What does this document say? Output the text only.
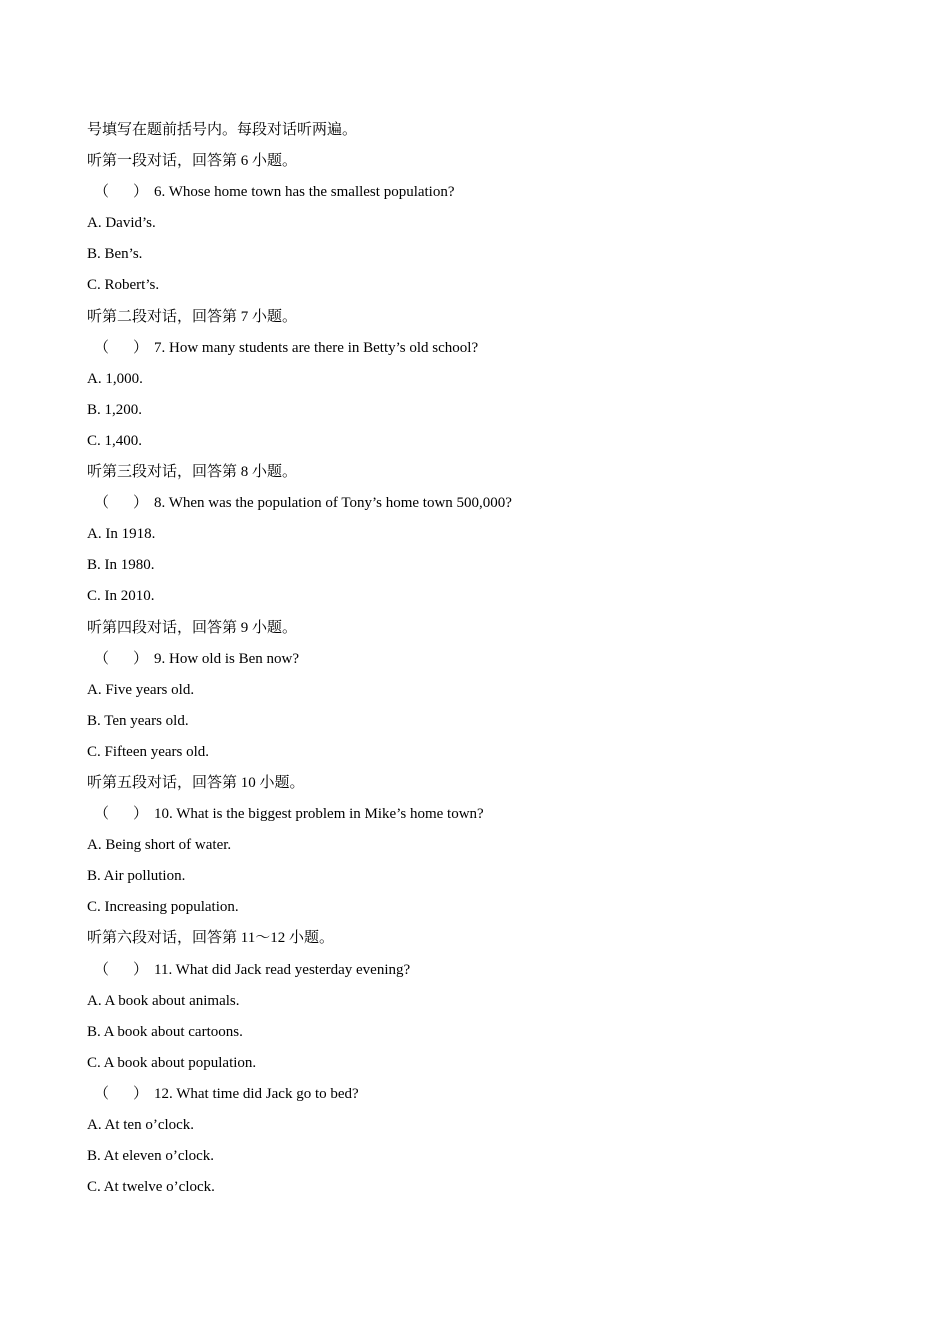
号填写在题前括号内。每段对话听两遍。
听第一段对话，回答第 6 小题。
（ ） 6. Whose home town has the smallest population?
A. David’s.
B. Ben’s.
C. Robert’s.
听第二段对话，回答第 7 小题。
（ ） 7. How many students are there in Betty’s old school?
A. 1,000.
B. 1,200.
C. 1,400.
听第三段对话，回答第 8 小题。
（ ） 8. When was the population of Tony’s home town 500,000?
A. In 1918.
B. In 1980.
C. In 2010.
听第四段对话，回答第 9 小题。
（ ） 9. How old is Ben now?
A. Five years old.
B. Ten years old.
C. Fifteen years old.
听第五段对话，回答第 10 小题。
（ ） 10. What is the biggest problem in Mike’s home town?
A. Being short of water.
B. Air pollution.
C. Increasing population.
听第六段对话，回答第 11～12 小题。
（ ） 11. What did Jack read yesterday evening?
A. A book about animals.
B. A book about cartoons.
C. A book about population.
（ ） 12. What time did Jack go to bed?
A. At ten o’clock.
B. At eleven o’clock.
C. At twelve o’clock.
